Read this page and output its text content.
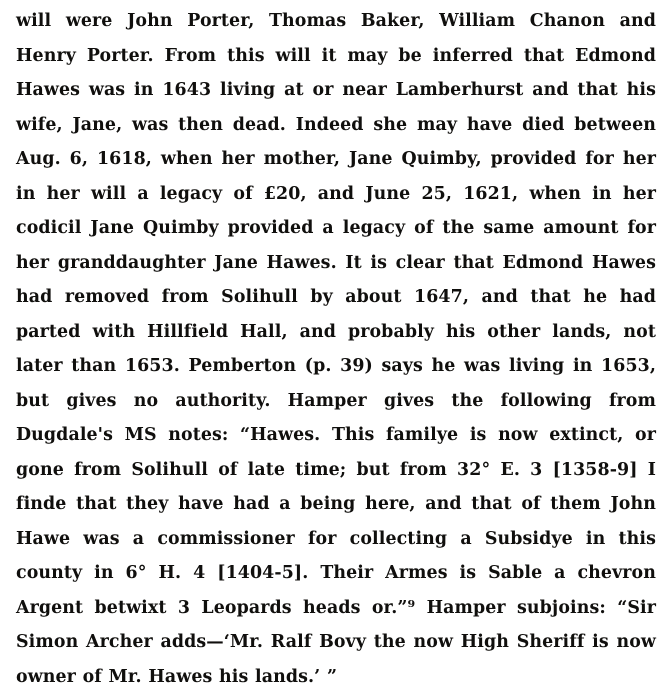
will were John Porter, Thomas Baker, William Chanon and Henry Porter. From this will it may be inferred that Edmond Hawes was in 1643 living at or near Lamberhurst and that his wife, Jane, was then dead. Indeed she may have died between Aug. 6, 1618, when her mother, Jane Quimby, provided for her in her will a legacy of £20, and June 25, 1621, when in her codicil Jane Quimby provided a legacy of the same amount for her granddaughter Jane Hawes. It is clear that Edmond Hawes had removed from Solihull by about 1647, and that he had parted with Hillfield Hall, and probably his other lands, not later than 1653. Pemberton (p. 39) says he was living in 1653, but gives no authority. Hamper gives the following from Dugdale's MS notes: “Hawes. This familye is now extinct, or gone from Solihull of late time; but from 32° E. 3 [1358-9] I finde that they have had a being here, and that of them John Hawe was a commissioner for collecting a Subsidye in this county in 6° H. 4 [1404-5]. Their Armes is Sable a chevron Argent betwixt 3 Leopards heads or.”⁹ Hamper subjoins: “Sir Simon Archer adds—‘Mr. Ralf Bovy the now High Sheriff is now owner of Mr. Hawes his lands.’ ”
